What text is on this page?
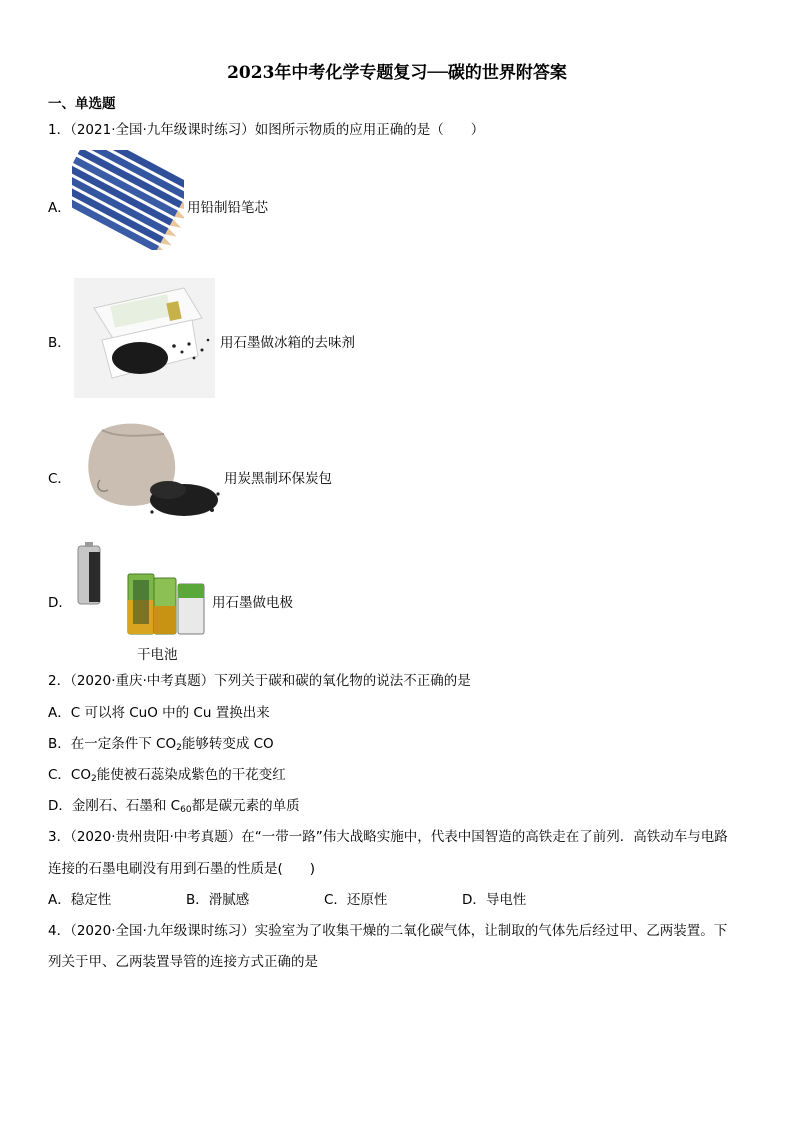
2023年中考化学专题复习──碳的世界附答案
一、单选题
1．（2021·全国·九年级课时练习）如图所示物质的应用正确的是（　　）
A．	用铅制铅笔芯
B．	用石墨做冰箱的去味剂
C．	用炭黑制环保炭包
D．	用石墨做电极
干电池
2．（2020·重庆·中考真题）下列关于碳和碳的氧化物的说法不正确的是
A．C 可以将 CuO 中的 Cu 置换出来
B．在一定条件下 $CO_2$能够转变成 CO
C．$CO_2$能使被石蕊染成紫色的干花变红
D．金刚石、石墨和 $C_{60}$都是碳元素的单质
3．（2020·贵州贵阳·中考真题）在“一带一路”伟大战略实施中，代表中国智造的高铁走在了前列．高铁动车与电路
连接的石墨电刷没有用到石墨的性质是(　　)
A．稳定性	B．滑腻感	C．还原性	D．导电性
4．（2020·全国·九年级课时练习）实验室为了收集干燥的二氧化碳气体，让制取的气体先后经过甲、乙两装置。下
列关于甲、乙两装置导管的连接方式正确的是
